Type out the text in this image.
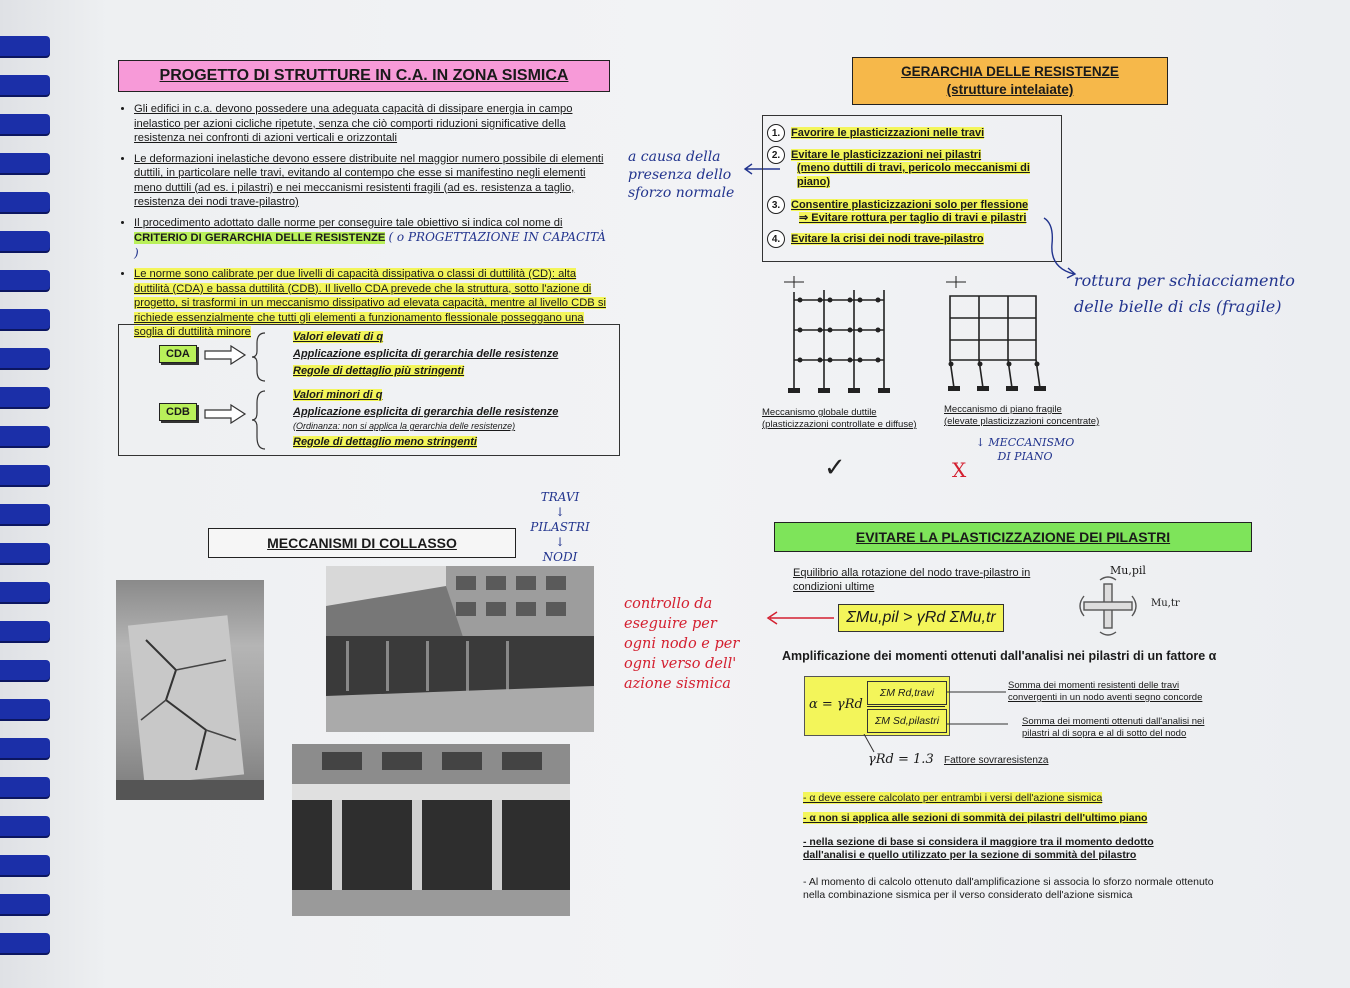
PROGETTO DI STRUTTURE IN C.A. IN ZONA SISMICA
• Gli edifici in c.a. devono possedere una adeguata capacità di dissipare energia in campo inelastico per azioni cicliche ripetute, senza che ciò comporti riduzioni significative della resistenza nei confronti di azioni verticali e orizzontali
• Le deformazioni inelastiche devono essere distribuite nel maggior numero possibile di elementi duttili, in particolare nelle travi, evitando al contempo che esse si manifestino negli elementi meno duttili (ad es. i pilastri) e nei meccanismi resistenti fragili (ad es. resistenza a taglio, resistenza dei nodi trave-pilastro)
• Il procedimento adottato dalle norme per conseguire tale obiettivo si indica col nome di
CRITERIO DI GERARCHIA DELLE RESISTENZE ( o PROGETTAZIONE IN CAPACITÀ )
• Le norme sono calibrate per due livelli di capacità dissipativa o classi di duttilità (CD): alta duttilità (CDA) e bassa duttilità (CDB). Il livello CDA prevede che la struttura, sotto l'azione di progetto, si trasformi in un meccanismo dissipativo ad elevata capacità, mentre al livello CDB si richiede essenzialmente che tutti gli elementi a funzionamento flessionale posseggano una soglia di duttilità minore
CDA
Valori elevati di q
Applicazione esplicita di gerarchia delle resistenze
Regole di dettaglio più stringenti
CDB
Valori minori di q
Applicazione esplicita di gerarchia delle resistenze
(Ordinanza: non si applica la gerarchia delle resistenze)
Regole di dettaglio meno stringenti
a causa della presenza dello sforzo normale
MECCANISMI DI COLLASSO
TRAVI
↓
PILASTRI
↓
NODI
controllo da eseguire per ogni nodo e per ogni verso dell' azione sismica
GERARCHIA DELLE RESISTENZE
(strutture intelaiate)
1. Favorire le plasticizzazioni nelle travi
2. Evitare le plasticizzazioni nei pilastri
(meno duttili di travi, pericolo meccanismi di piano)
3. Consentire plasticizzazioni solo per flessione
⇒ Evitare rottura per taglio di travi e pilastri
4. Evitare la crisi dei nodi trave-pilastro
rottura per schiacciamento delle bielle di cls (fragile)
Meccanismo globale duttile
(plasticizzazioni controllate e diffuse)
✓
Meccanismo di piano fragile
(elevate plasticizzazioni concentrate)
X
↓ MECCANISMO DI PIANO
EVITARE LA PLASTICIZZAZIONE DEI PILASTRI
Equilibrio alla rotazione del nodo trave-pilastro in condizioni ultime
Mu,pil
Mu,tr
ΣMu,pil > γRd ΣMu,tr
Amplificazione dei momenti ottenuti dall'analisi nei pilastri di un fattore α
α = γRd
ΣM Rd,travi
ΣM Sd,pilastri
Somma dei momenti resistenti delle travi convergenti in un nodo aventi segno concorde
Somma dei momenti ottenuti dall'analisi nei pilastri al di sopra e al di sotto del nodo
γRd = 1.3 Fattore sovraresistenza
- α deve essere calcolato per entrambi i versi dell'azione sismica
- α non si applica alle sezioni di sommità dei pilastri dell'ultimo piano
- nella sezione di base si considera il maggiore tra il momento dedotto dall'analisi e quello utilizzato per la sezione di sommità del pilastro
- Al momento di calcolo ottenuto dall'amplificazione si associa lo sforzo normale ottenuto nella combinazione sismica per il verso considerato dell'azione sismica
